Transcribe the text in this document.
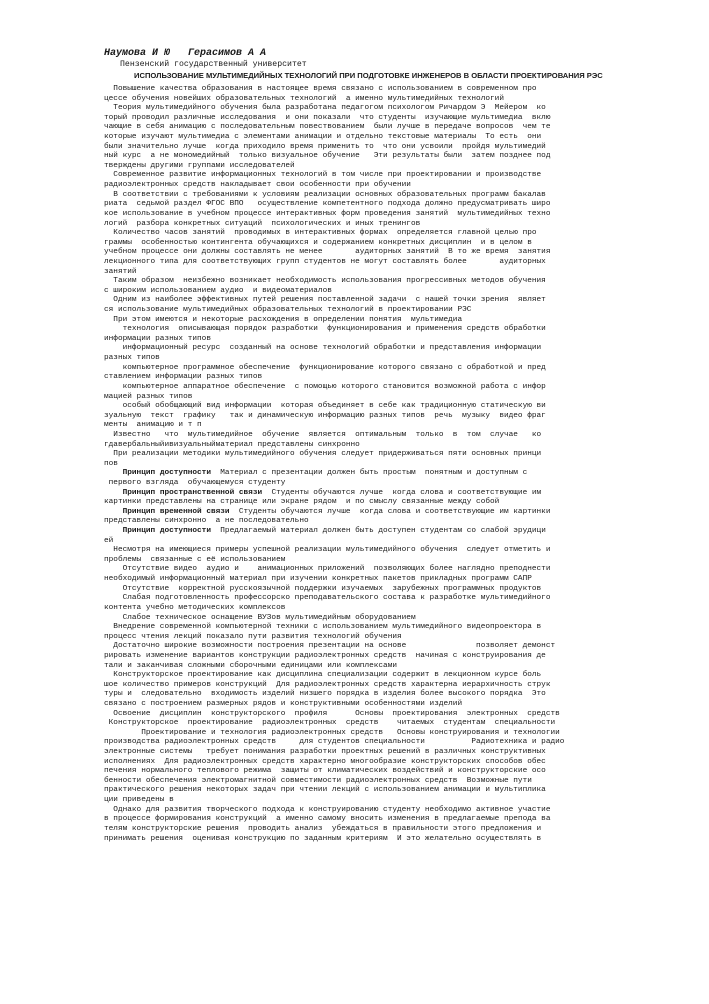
Наумова И Ю   Герасимов А А
Пензенский государственный университет
ИСПОЛЬЗОВАНИЕ МУЛЬТИМЕДИЙНЫХ ТЕХНОЛОГИЙ ПРИ ПОДГОТОВКЕ ИНЖЕНЕРОВ В ОБЛАСТИ ПРОЕКТИРОВАНИЯ РЭС
Повышение качества образования в настоящее время связано с использованием в современном про
цессе обучения новейших образовательных технологий  а именно мультимедийных технологий
Теория мультимедийного обучения была разработана педагогом психологом Ричардом Э  Мейером  ко
торый проводил различные исследования  и они показали  что студенты  изучающие мультимедиа  вклю
чающие в себя анимацию с последовательным повествованием  были лучше в передаче вопросов  чем те
которые изучают мультимедиа с элементами анимации и отдельно текстовые материалы  То есть  они
были значительно лучше  когда приходило время применить то  что они усвоили  пройдя мультимедий
ный курс  а не мономедийный  только визуальное обучение   Эти результаты были  затем позднее под
тверждены другими группами исследователей
Современное развитие информационных технологий в том числе при проектировании и производстве
радиоэлектронных средств накладывает свои особенности при обучении
В соответствии с требованиями к условиям реализации основных образовательных программ бакалав
риата  седьмой раздел ФГОС ВПО   осуществление компетентного подхода должно предусматривать широ
кое использование в учебном процессе интерактивных форм проведения занятий  мультимедийных техно
логий  разбора конкретных ситуаций  психологических и иных тренингов
Количество часов занятий  проводимых в интерактивных формах  определяется главной целью про
граммы  особенностью контингента обучающихся и содержанием конкретных дисциплин  и в целом в
учебном процессе они должны составлять не менее       аудиторных занятий  В то же время  занятия
лекционного типа для соответствующих групп студентов не могут составлять более       аудиторных
занятий
Таким образом  неизбежно возникает необходимость использования прогрессивных методов обучения
с широким использованием аудио  и видеоматериалов
Одним из наиболее эффективных путей решения поставленной задачи  с нашей точки зрения  являет
ся использование мультимедийных образовательных технологий в проектировании РЭС
При этом имеются и некоторые расхождения в определении понятия  мультимедиа
технология  описывающая порядок разработки  функционирования и применения средств обработки
информации разных типов
информационный ресурс  созданный на основе технологий обработки и представления информации
разных типов
компьютерное программное обеспечение  функционирование которого связано с обработкой и пред
ставлением информации разных типов
компьютерное аппаратное обеспечение  с помощью которого становится возможной работа с инфор
мацией разных типов
особый обобщающий вид информации  которая объединяет в себе как традиционную статическую ви
зуальную  текст  графику   так и динамическую информацию разных типов  речь  музыку  видео фраг
менты  анимацию и т п
Известно   что  мультимедийное  обучение  является  оптимальным  только  в  том  случае   ко
гдавербальныйивизуальныйматериал представлены синхронно
При реализации методики мультимедийного обучения следует придерживаться пяти основных принци
пов
Принцип доступности  Материал с презентации должен быть простым  понятным и доступным с
первого взгляда  обучающемуся студенту
Принцип пространственной связи  Студенты обучаются лучше  когда слова и соответствующие им
картинки представлены на странице или экране рядом  и по смыслу связанные между собой
Принцип временной связи  Студенты обучаются лучше  когда слова и соответствующие им картинки
представлены синхронно  а не последовательно
Принцип доступности  Предлагаемый материал должен быть доступен студентам со слабой эрудици
ей
Несмотря на имеющиеся примеры успешной реализации мультимедийного обучения  следует отметить и
проблемы  связанные с её использованием
Отсутствие видео  аудио и    анимационных приложений  позволяющих более наглядно преподнести
необходимый информационный материал при изучении конкретных пакетов прикладных программ САПР
Отсутствие  корректной русскоязычной поддержки изучаемых  зарубежных программных продуктов
Слабая подготовленность профессорско преподавательского состава к разработке мультимедийного
контента учебно методических комплексов
Слабое техническое оснащение ВУЗов мультимедийным оборудованием
Внедрение современной компьютерной техники с использованием мультимедийного видеопроектора в
процесс чтения лекций показало пути развития технологий обучения
Достаточно широкие возможности построения презентации на основе               позволяет демонст
рировать изменение вариантов конструкции радиоэлектронных средств  начиная с конструирования де
тали и заканчивая сложными сборочными единицами или комплексами
Конструкторское проектирование как дисциплина специализации содержит в лекционном курсе боль
шое количество примеров конструкций  Для радиоэлектронных средств характерна иерархичность струк
туры и  следовательно  входимость изделий низшего порядка в изделия более высокого порядка  Это
связано с построением размерных рядов и конструктивными особенностями изделий
Освоение  дисциплин  конструкторского  профиля      Основы  проектирования  электронных  средств
Конструкторское  проектирование  радиоэлектронных  средств    читаемых  студентам  специальности
Проектирование и технология радиоэлектронных средств   Основы конструирования и технологии
производства радиоэлектронных средств     для студентов специальности          Радиотехника и радио
электронные системы   требует понимания разработки проектных решений в различных конструктивных
исполнениях  Для радиоэлектронных средств характерно многообразие конструкторских способов обес
печения нормального теплового режима  защиты от климатических воздействий и конструкторские осо
бенности обеспечения электромагнитной совместимости радиоэлектронных средств  Возможные пути
практического решения некоторых задач при чтении лекций с использованием анимации и мультиплика
ции приведены в
Однако для развития творческого подхода к конструированию студенту необходимо активное участие
в процессе формирования конструкций  а именно самому вносить изменения в предлагаемые препода ва
телям конструкторские решения  проводить анализ  убеждаться в правильности этого предложения и
принимать решения  оценивая конструкцию по заданным критериям  И это желательно осуществлять в
